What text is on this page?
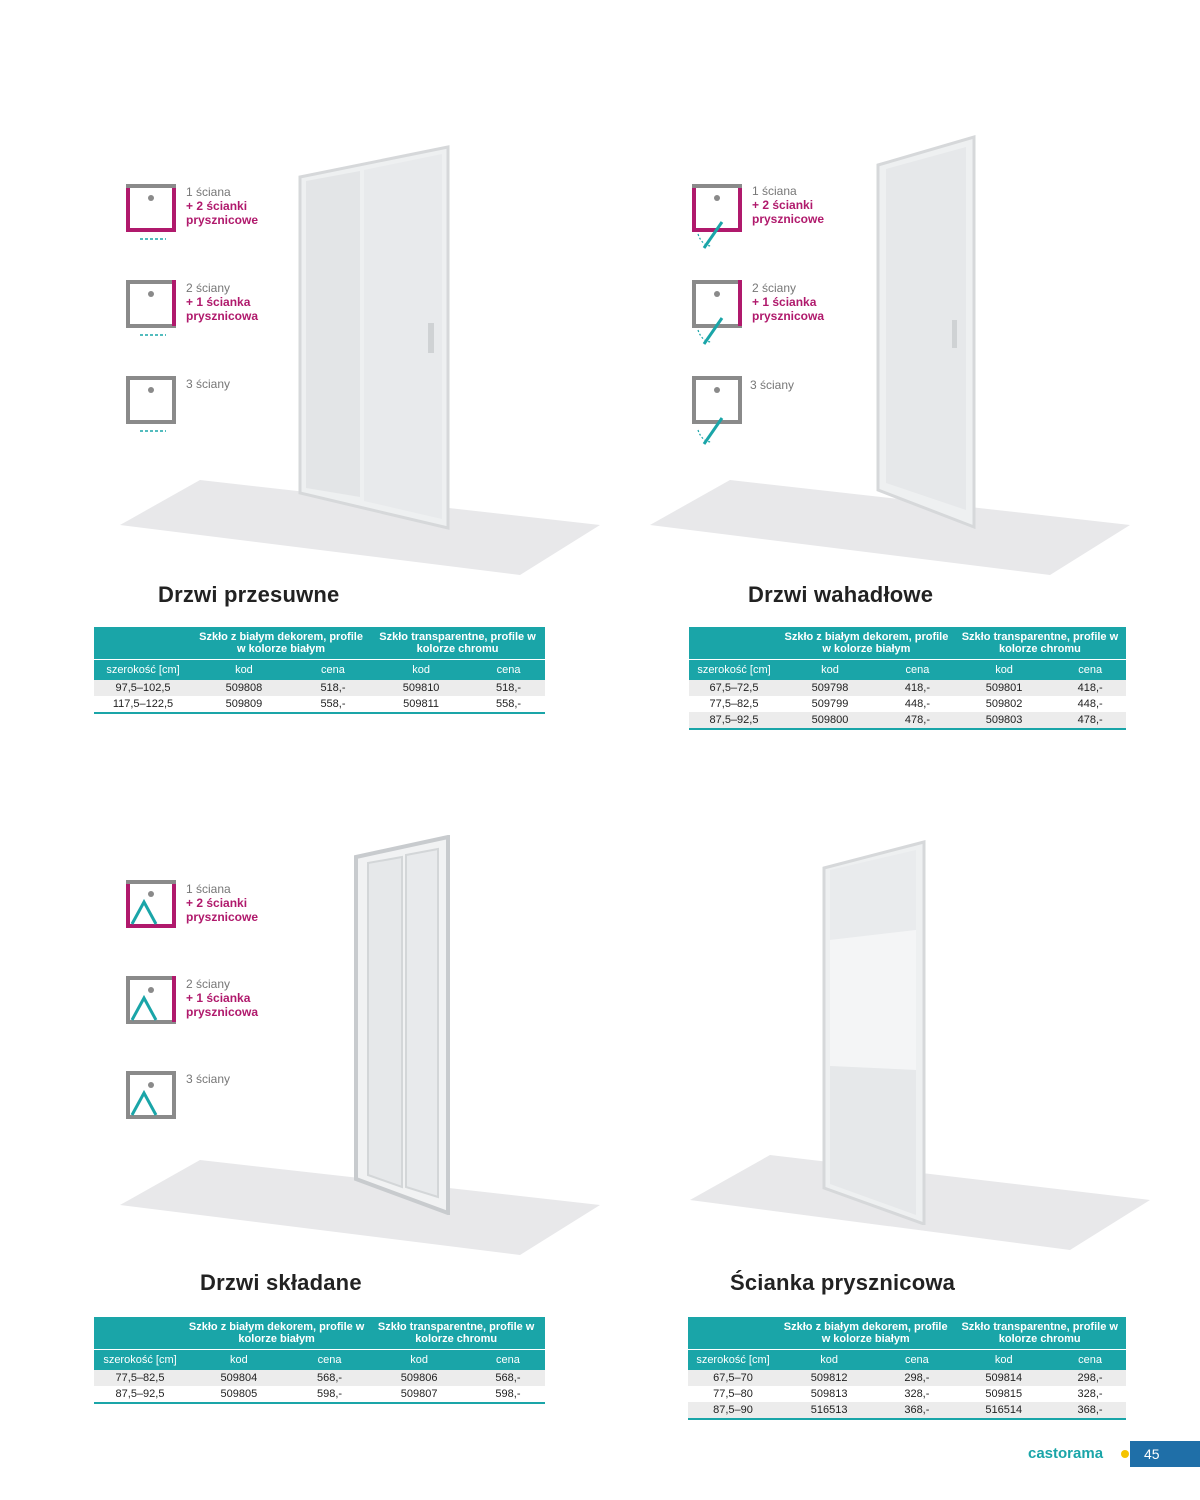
1 ściana
+ 2 ścianki prysznicowe
2 ściany
+ 1 ścianka prysznicowa
3 ściany
Drzwi przesuwne
	Szkło z białym dekorem, profile w kolorze białym		Szkło transparentne, profile w kolorze chromu	
szerokość [cm]	kod	cena	kod	cena
97,5–102,5	509808	518,-	509810	518,-
117,5–122,5	509809	558,-	509811	558,-
1 ściana
+ 2 ścianki prysznicowe
2 ściany
+ 1 ścianka prysznicowa
3 ściany
Drzwi wahadłowe
	Szkło z białym dekorem, profile w kolorze białym		Szkło transparentne, profile w kolorze chromu	
szerokość [cm]	kod	cena	kod	cena
67,5–72,5	509798	418,-	509801	418,-
77,5–82,5	509799	448,-	509802	448,-
87,5–92,5	509800	478,-	509803	478,-
1 ściana
+ 2 ścianki prysznicowe
2 ściany
+ 1 ścianka prysznicowa
3 ściany
Drzwi składane
	Szkło z białym dekorem, profile w kolorze białym		Szkło transparentne, profile w kolorze chromu	
szerokość [cm]	kod	cena	kod	cena
77,5–82,5	509804	568,-	509806	568,-
87,5–92,5	509805	598,-	509807	598,-
Ścianka prysznicowa
	Szkło z białym dekorem, profile w kolorze białym		Szkło transparentne, profile w kolorze chromu	
szerokość [cm]	kod	cena	kod	cena
67,5–70	509812	298,-	509814	298,-
77,5–80	509813	328,-	509815	328,-
87,5–90	516513	368,-	516514	368,-
castorama	45
